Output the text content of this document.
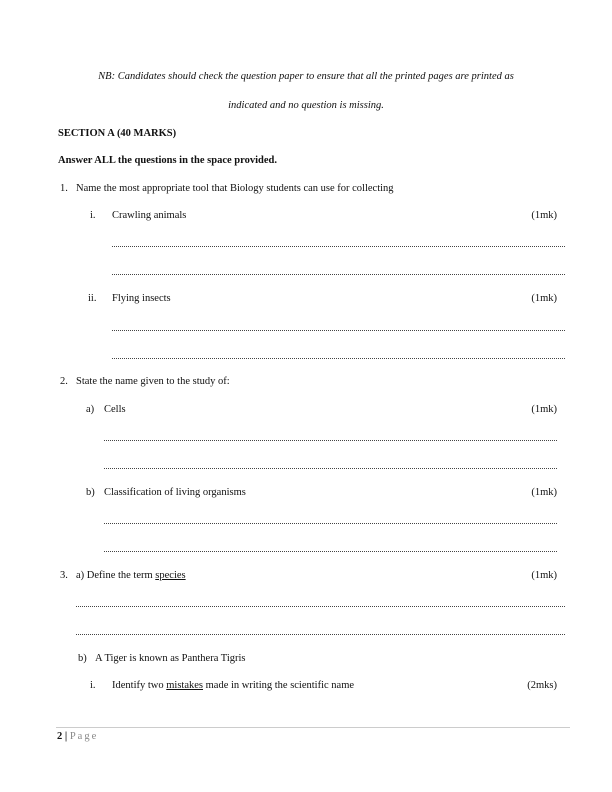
NB: Candidates should check the question paper to ensure that all the printed pages are printed as
indicated and no question is missing.
SECTION A (40 MARKS)
Answer ALL the questions in the space provided.
1. Name the most appropriate tool that Biology students can use for collecting
i. Crawling animals	(1mk)
ii. Flying insects	(1mk)
2. State the name given to the study of:
a) Cells	(1mk)
b) Classification of living organisms	(1mk)
3. a) Define the term species	(1mk)
b) A Tiger is known as Panthera Tigris
i. Identify two mistakes made in writing the scientific name	(2mks)
2 | Page
